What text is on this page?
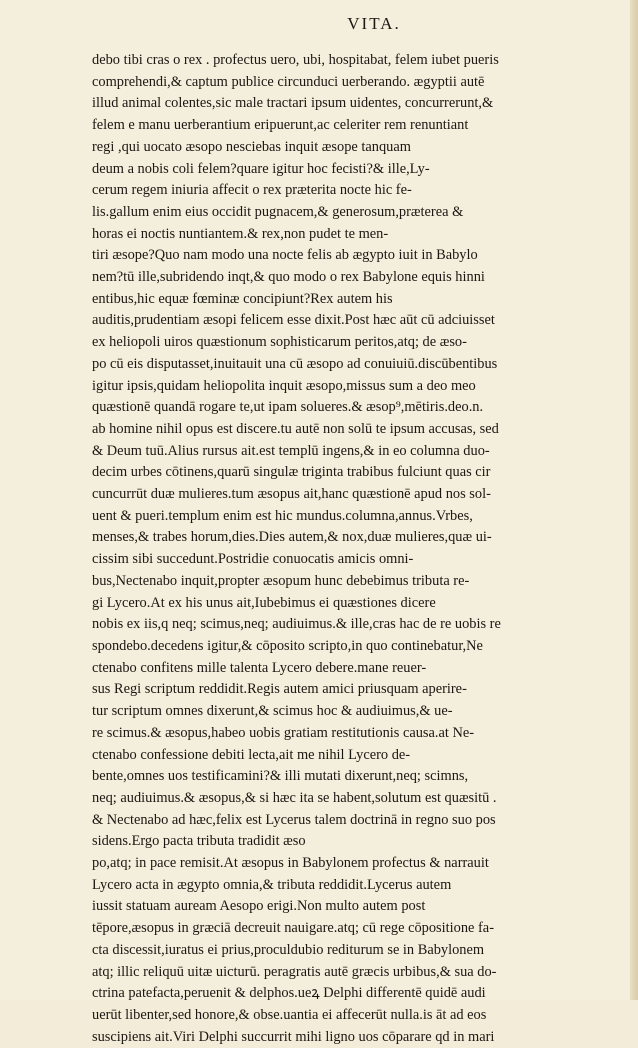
VITA.
debo tibi cras o rex . profectus uero, ubi, hospitabat, felem iubet pueris
comprehendi,& captum publice circunduci uerberando. ægyptii autē
illud animal colentes,sic male tractari ipsum uidentes, concurrerunt,&
felem e manu uerberantium eripuerunt,ac celeriter rem renuntiant
regi ,qui uocato æsopo nesciebas inquit æsope tanquam
deum a nobis coli felem?quare igitur hoc fecisti?& ille,Ly-
cerum regem iniuria affecit o rex præterita nocte hic fe-
lis.gallum enim eius occidit pugnacem,& generosum,præterea &
horas ei noctis nuntiantem.& rex,non pudet te men-
tiri æsope?Quo nam modo una nocte felis ab ægypto iuit in Babylo
nem?tū ille,subridendo inqt,& quo modo o rex Babylone equis hinni
entibus,hic equæ fœminæ concipiunt?Rex autem his
auditis,prudentiam æsopi felicem esse dixit.Post hæc aūt cū adciuisset
ex heliopoli uiros quæstionum sophisticarum peritos,atq; de æso-
po cū eis disputasset,inuitauit una cū æsopo ad conuiuiū.discūbentibus
igitur ipsis,quidam heliopolita inquit æsopo,missus sum a deo meo
quæstionē quandā rogare te,ut ipam solueres.& æsop⁹,mētiris.deo.n.
ab homine nihil opus est discere.tu autē non solū te ipsum accusas, sed
& Deum tuū.Alius rursus ait.est templū ingens,& in eo columna duo-
decim urbes cōtinens,quarū singulæ triginta trabibus fulciunt quas cir
cuncurrūt duæ mulieres.tum æsopus ait,hanc quæstionē apud nos sol-
uent & pueri.templum enim est hic mundus.columna,annus.Vrbes,
menses,& trabes horum,dies.Dies autem,& nox,duæ mulieres,quæ ui-
cissim sibi succedunt.Postridie conuocatis amicis omni-
bus,Nectenabo inquit,propter æsopum hunc debebimus tributa re-
gi Lycero.At ex his unus ait,Iubebimus ei quæstiones dicere
nobis ex iis,q neq; scimus,neq; audiuimus.& ille,cras hac de re uobis re
spondebo.decedens igitur,& cōposito scripto,in quo continebatur,Ne
ctenabo confitens mille talenta Lycero debere.mane reuer-
sus Regi scriptum reddidit.Regis autem amici priusquam aperire-
tur scriptum omnes dixerunt,& scimus hoc & audiuimus,& ue-
re scimus.& æsopus,habeo uobis gratiam restitutionis causa.at Ne-
ctenabo confessione debiti lecta,ait me nihil Lycero de-
bente,omnes uos testificamini?& illi mutati dixerunt,neq; scimns,
neq; audiuimus.& æsopus,& si hæc ita se habent,solutum est quæsitū .
& Nectenabo ad hæc,felix est Lycerus talem doctrinā in regno suo pos
sidens.Ergo pacta tributa tradidit æso
po,atq; in pace remisit.At æsopus in Babylonem profectus & narrauit
Lycero acta in ægypto omnia,& tributa reddidit.Lycerus autem
iussit statuam auream Aesopo erigi.Non multo autem post
tēpore,æsopus in græciā decreuit nauigare.atq; cū rege cōpositione fa-
cta discessit,iuratus ei prius,proculdubio rediturum se in Babylonem
atq; illic reliquū uitæ uicturū. peragratis autē græcis urbibus,& sua do-
ctrina patefacta,peruenit & delphos.ueꝝ Delphi differentē quidē audi
uerūt libenter,sed honore,& obse.uantia ei affecerūt nulla.is āt ad eos
suscipiens ait.Viri Delphi succurrit mihi ligno uos cōparare qd in mari
